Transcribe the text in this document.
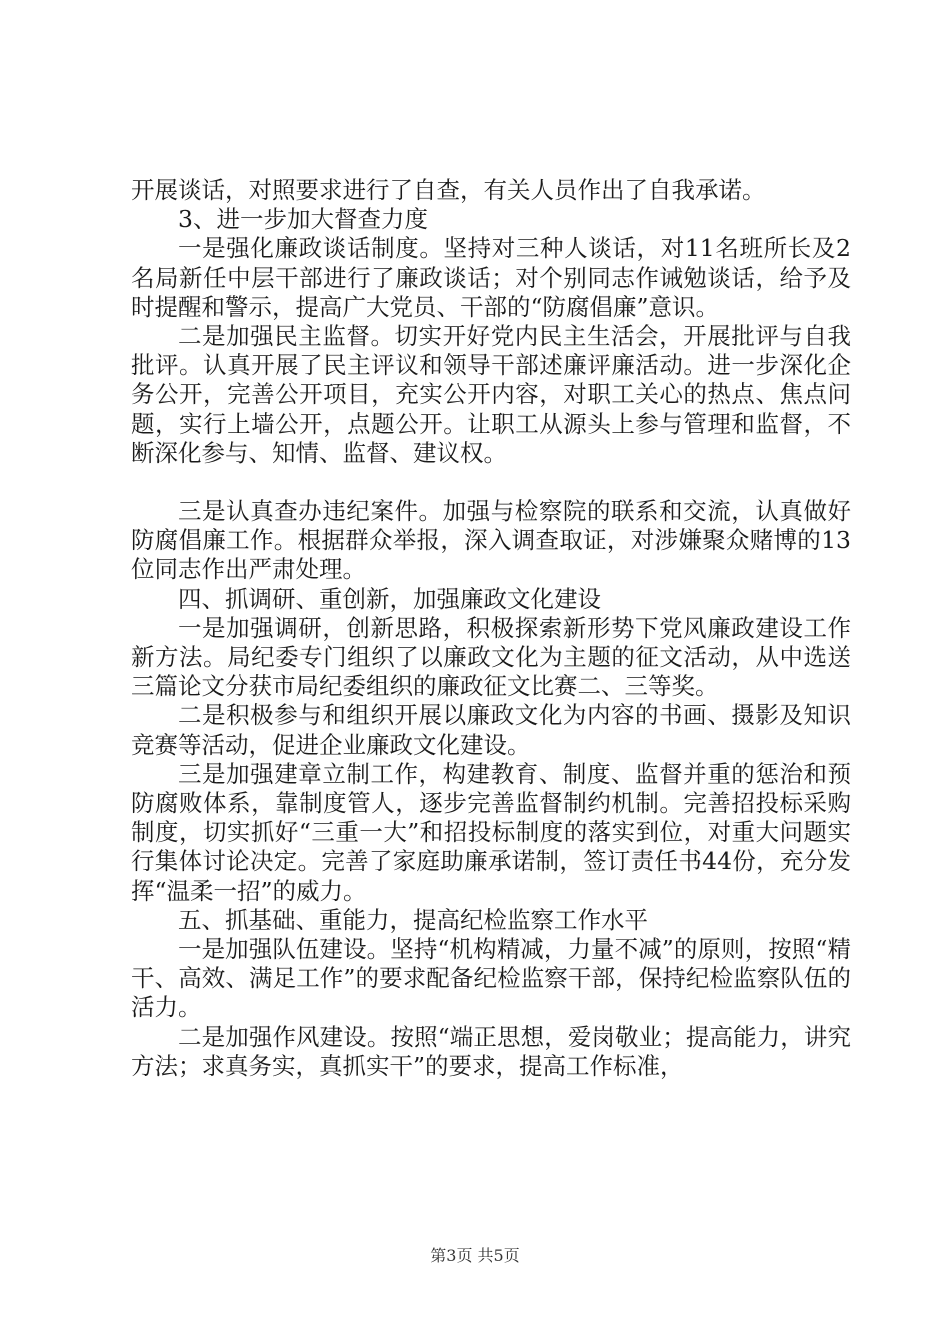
开展谈话，对照要求进行了自查，有关人员作出了自我承诺。

3、进一步加大督查力度

一是强化廉政谈话制度。坚持对三种人谈话，对11名班所长及2名局新任中层干部进行了廉政谈话；对个别同志作诫勉谈话，给予及时提醒和警示，提高广大党员、干部的“防腐倡廉”意识。

二是加强民主监督。切实开好党内民主生活会，开展批评与自我批评。认真开展了民主评议和领导干部述廉评廉活动。进一步深化企务公开，完善公开项目，充实公开内容，对职工关心的热点、焦点问题，实行上墙公开，点题公开。让职工从源头上参与管理和监督，不断深化参与、知情、监督、建议权。

三是认真查办违纪案件。加强与检察院的联系和交流，认真做好防腐倡廉工作。根据群众举报，深入调查取证，对涉嫌聚众赌博的13位同志作出严肃处理。

四、抓调研、重创新，加强廉政文化建设

一是加强调研，创新思路，积极探索新形势下党风廉政建设工作新方法。局纪委专门组织了以廉政文化为主题的征文活动，从中选送三篇论文分获市局纪委组织的廉政征文比赛二、三等奖。

二是积极参与和组织开展以廉政文化为内容的书画、摄影及知识竞赛等活动，促进企业廉政文化建设。

三是加强建章立制工作，构建教育、制度、监督并重的惩治和预防腐败体系，靠制度管人，逐步完善监督制约机制。完善招投标采购制度，切实抓好“三重一大”和招投标制度的落实到位，对重大问题实行集体讨论决定。完善了家庭助廉承诺制，签订责任书44份，充分发挥“温柔一招”的威力。

五、抓基础、重能力，提高纪检监察工作水平

一是加强队伍建设。坚持“机构精减，力量不减”的原则，按照“精干、高效、满足工作”的要求配备纪检监察干部，保持纪检监察队伍的活力。

二是加强作风建设。按照“端正思想，爱岗敬业；提高能力，讲究方法；求真务实，真抓实干”的要求，提高工作标准，

第3页 共5页
